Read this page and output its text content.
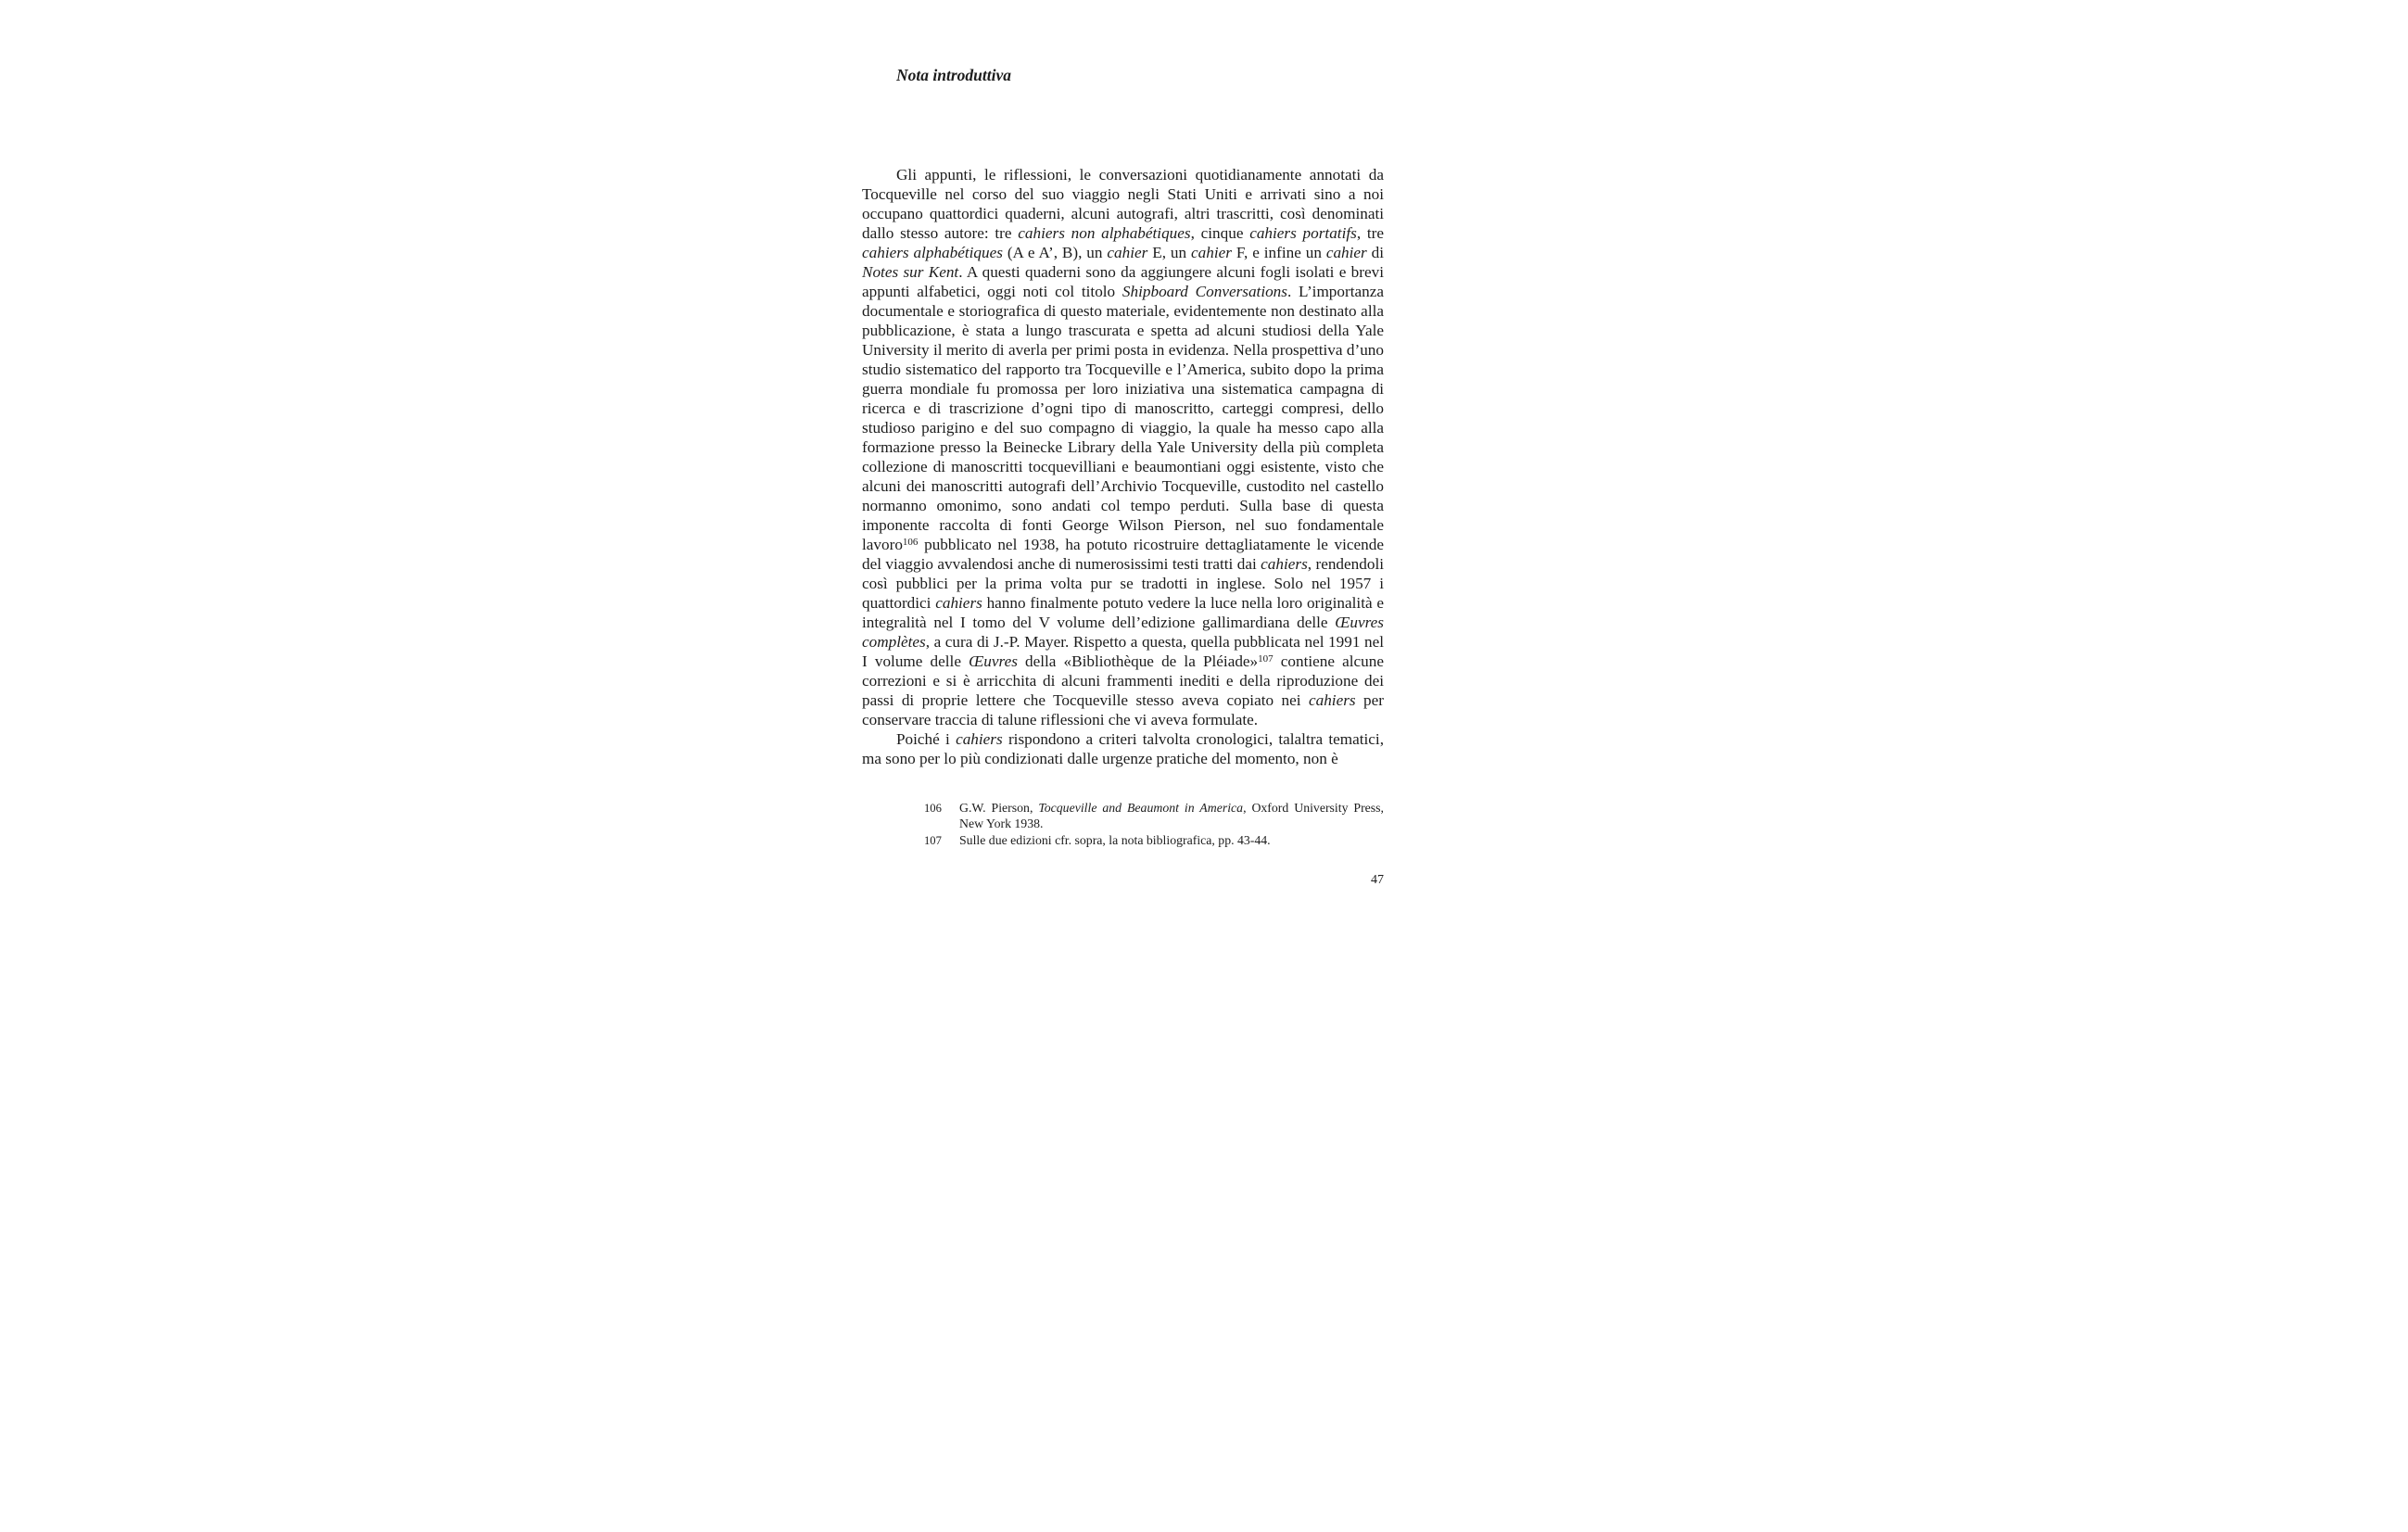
Nota introduttiva

Gli appunti, le riflessioni, le conversazioni quotidianamente annotati da Tocqueville nel corso del suo viaggio negli Stati Uniti e arrivati sino a noi occupano quattordici quaderni, alcuni autografi, altri trascritti, così denominati dallo stesso autore: tre cahiers non alphabétiques, cinque cahiers portatifs, tre cahiers alphabétiques (A e A’, B), un cahier E, un cahier F, e infine un cahier di Notes sur Kent. A questi quaderni sono da aggiungere alcuni fogli isolati e brevi appunti alfabetici, oggi noti col titolo Shipboard Conversations. L’importanza documentale e storiografica di questo materiale, evidentemente non destinato alla pubblicazione, è stata a lungo trascurata e spetta ad alcuni studiosi della Yale University il merito di averla per primi posta in evidenza. Nella prospettiva d’uno studio sistematico del rapporto tra Tocqueville e l’America, subito dopo la prima guerra mondiale fu promossa per loro iniziativa una sistematica campagna di ricerca e di trascrizione d’ogni tipo di manoscritto, carteggi compresi, dello studioso parigino e del suo compagno di viaggio, la quale ha messo capo alla formazione presso la Beinecke Library della Yale University della più completa collezione di manoscritti tocquevilliani e beaumontiani oggi esistente, visto che alcuni dei manoscritti autografi dell’Archivio Tocqueville, custodito nel castello normanno omonimo, sono andati col tempo perduti. Sulla base di questa imponente raccolta di fonti George Wilson Pierson, nel suo fondamentale lavoro$^{106}$ pubblicato nel 1938, ha potuto ricostruire dettagliatamente le vicende del viaggio avvalendosi anche di numerosissimi testi tratti dai cahiers, rendendoli così pubblici per la prima volta pur se tradotti in inglese. Solo nel 1957 i quattordici cahiers hanno finalmente potuto vedere la luce nella loro originalità e integralità nel I tomo del V volume dell’edizione gallimardiana delle Œuvres complètes, a cura di J.-P. Mayer. Rispetto a questa, quella pubblicata nel 1991 nel I volume delle Œuvres della «Bibliothèque de la Pléiade»$^{107}$ contiene alcune correzioni e si è arricchita di alcuni frammenti inediti e della riproduzione dei passi di proprie lettere che Tocqueville stesso aveva copiato nei cahiers per conservare traccia di talune riflessioni che vi aveva formulate.

Poiché i cahiers rispondono a criteri talvolta cronologici, talaltra tematici, ma sono per lo più condizionati dalle urgenze pratiche del momento, non è

106	G.W. Pierson, Tocqueville and Beaumont in America, Oxford University Press, New York 1938.
107	Sulle due edizioni cfr. sopra, la nota bibliografica, pp. 43-44.
47
